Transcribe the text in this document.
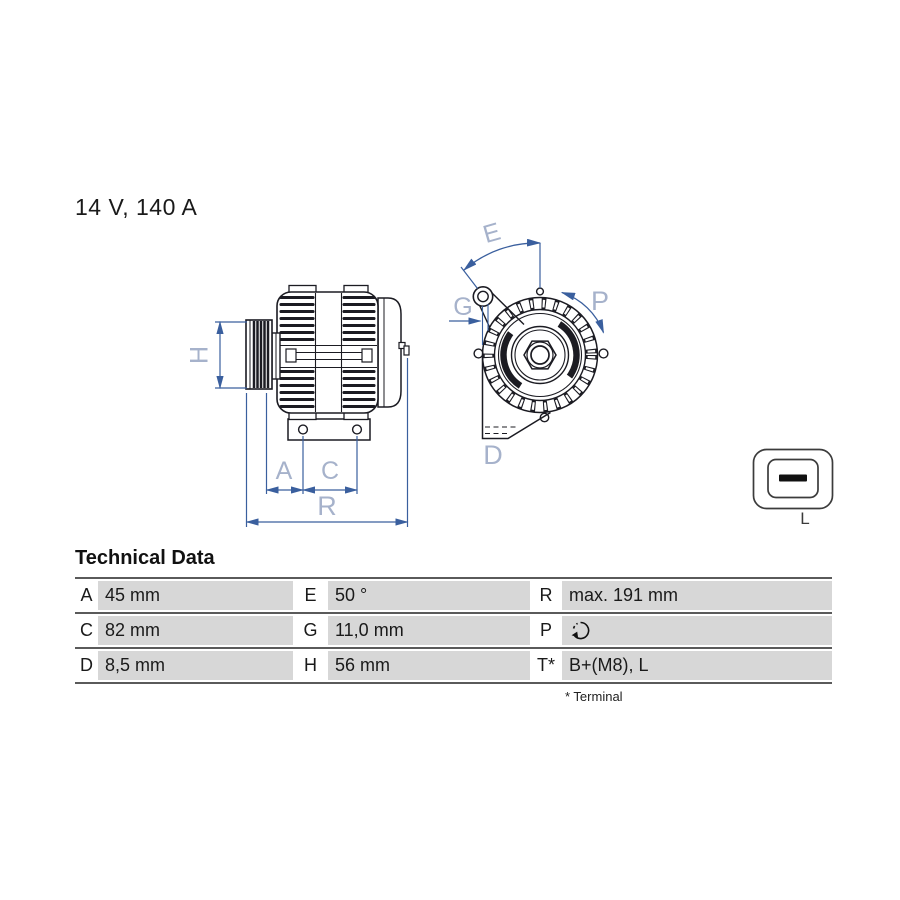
14 V, 140 A
H
A C
R
E
G	P
D
L
Technical Data
A 45 mm	E	50 °	R max. 191 mm
C 82 mm	G 11,0 mm	P
D 8,5 mm	H	56 mm	T* B+(M8), L
* Terminal
